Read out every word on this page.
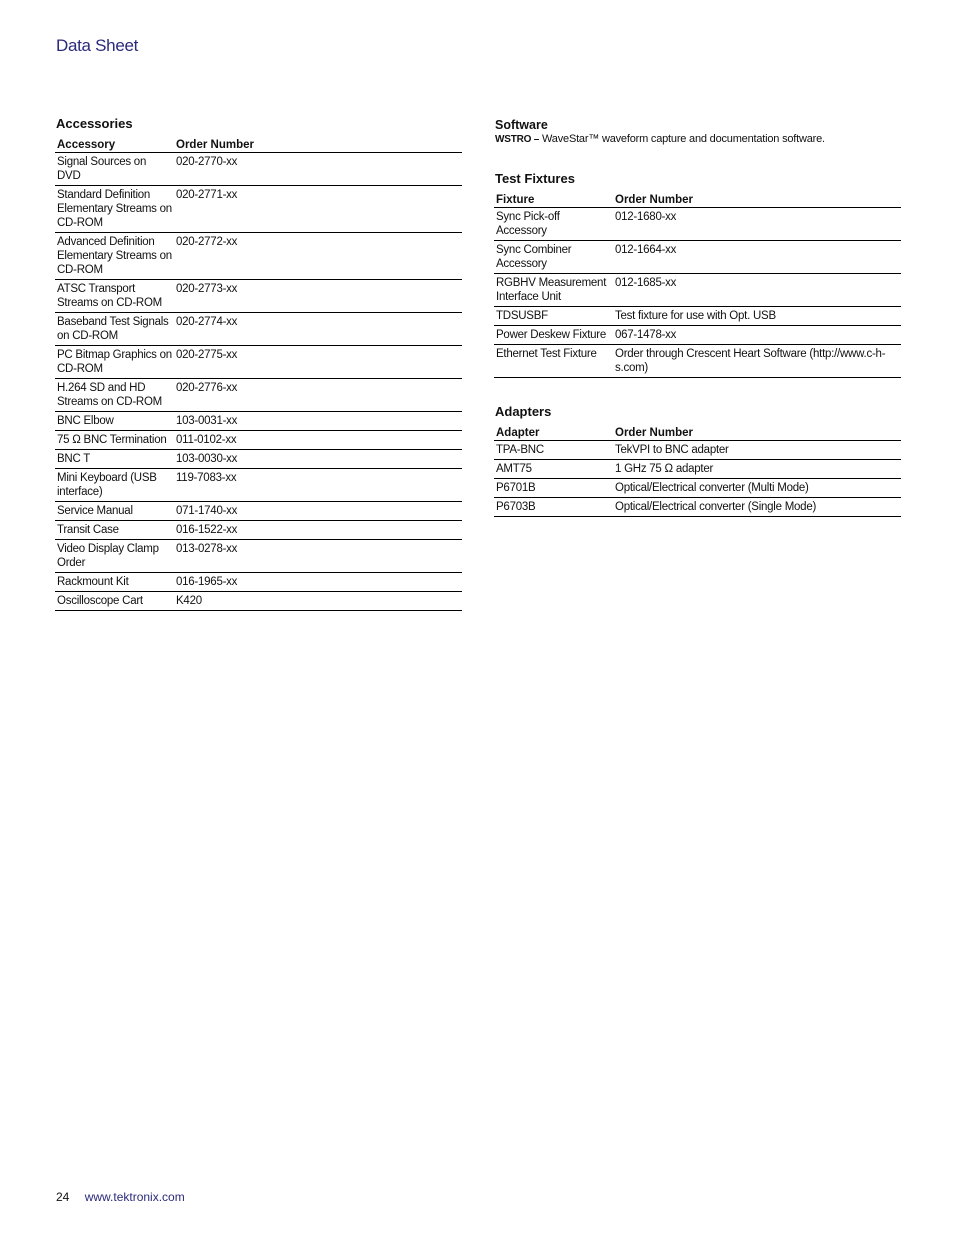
Data Sheet
Accessories
Accessory	Order Number
Signal Sources on DVD	020-2770-xx
Standard Definition Elementary Streams on CD-ROM	020-2771-xx
Advanced Definition Elementary Streams on CD-ROM	020-2772-xx
ATSC Transport Streams on CD-ROM	020-2773-xx
Baseband Test Signals on CD-ROM	020-2774-xx
PC Bitmap Graphics on CD-ROM	020-2775-xx
H.264 SD and HD Streams on CD-ROM	020-2776-xx
BNC Elbow	103-0031-xx
75 Ω BNC Termination	011-0102-xx
BNC T	103-0030-xx
Mini Keyboard (USB interface)	119-7083-xx
Service Manual	071-1740-xx
Transit Case	016-1522-xx
Video Display Clamp Order	013-0278-xx
Rackmount Kit	016-1965-xx
Oscilloscope Cart	K420
Software
WSTRO – WaveStar™ waveform capture and documentation software.
Test Fixtures
Fixture	Order Number
Sync Pick-off Accessory	012-1680-xx
Sync Combiner Accessory	012-1664-xx
RGBHV Measurement Interface Unit	012-1685-xx
TDSUSBF	Test fixture for use with Opt. USB
Power Deskew Fixture	067-1478-xx
Ethernet Test Fixture	Order through Crescent Heart Software (http://www.c-h-s.com)
Adapters
Adapter	Order Number
TPA-BNC	TekVPI to BNC adapter
AMT75	1 GHz 75 Ω adapter
P6701B	Optical/Electrical converter (Multi Mode)
P6703B	Optical/Electrical converter (Single Mode)
24 www.tektronix.com
